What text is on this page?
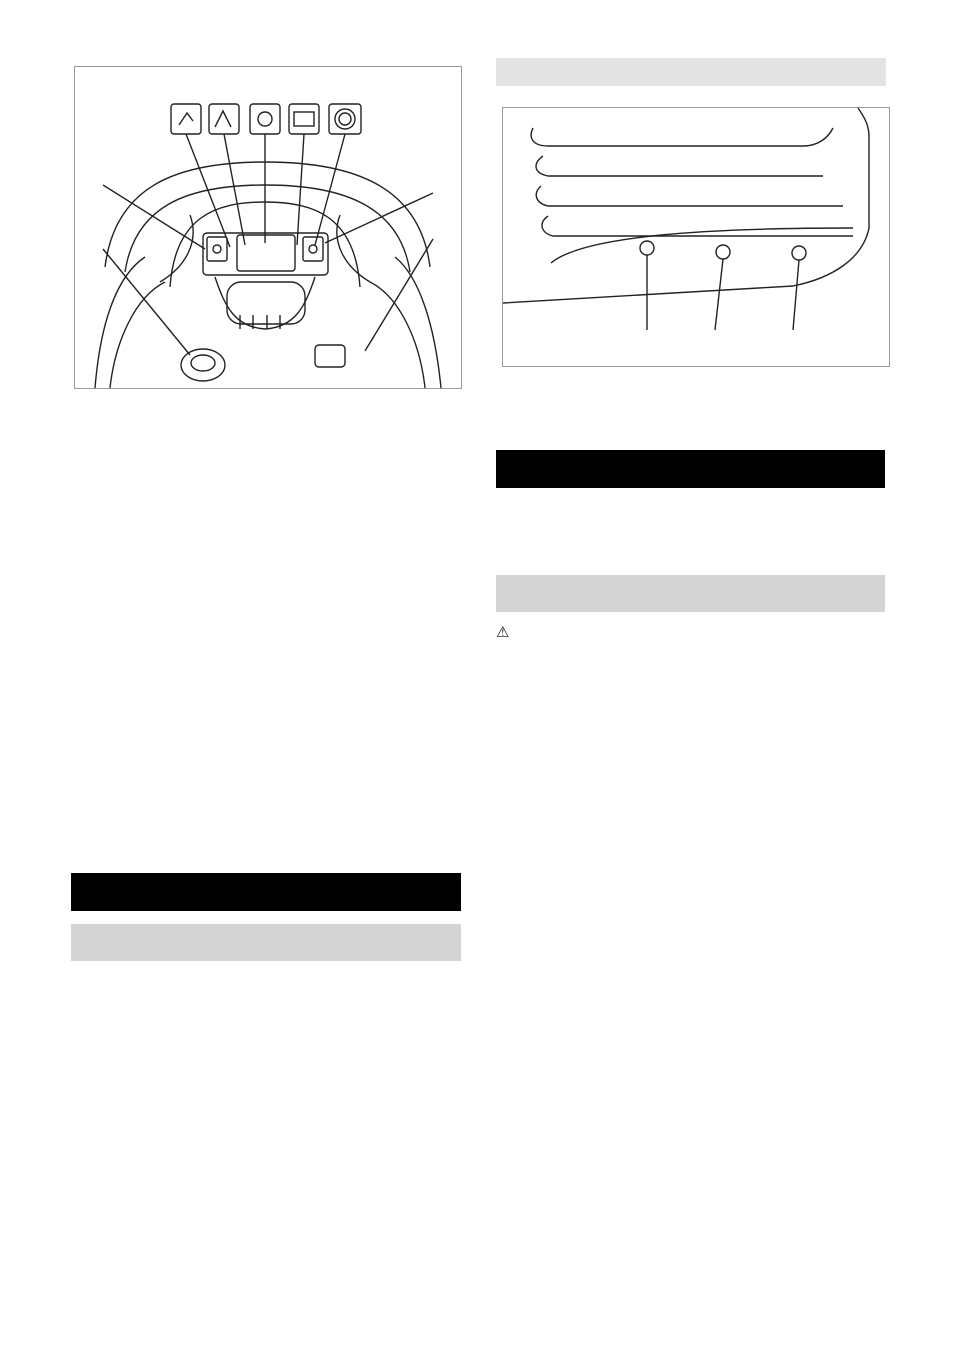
⚠
